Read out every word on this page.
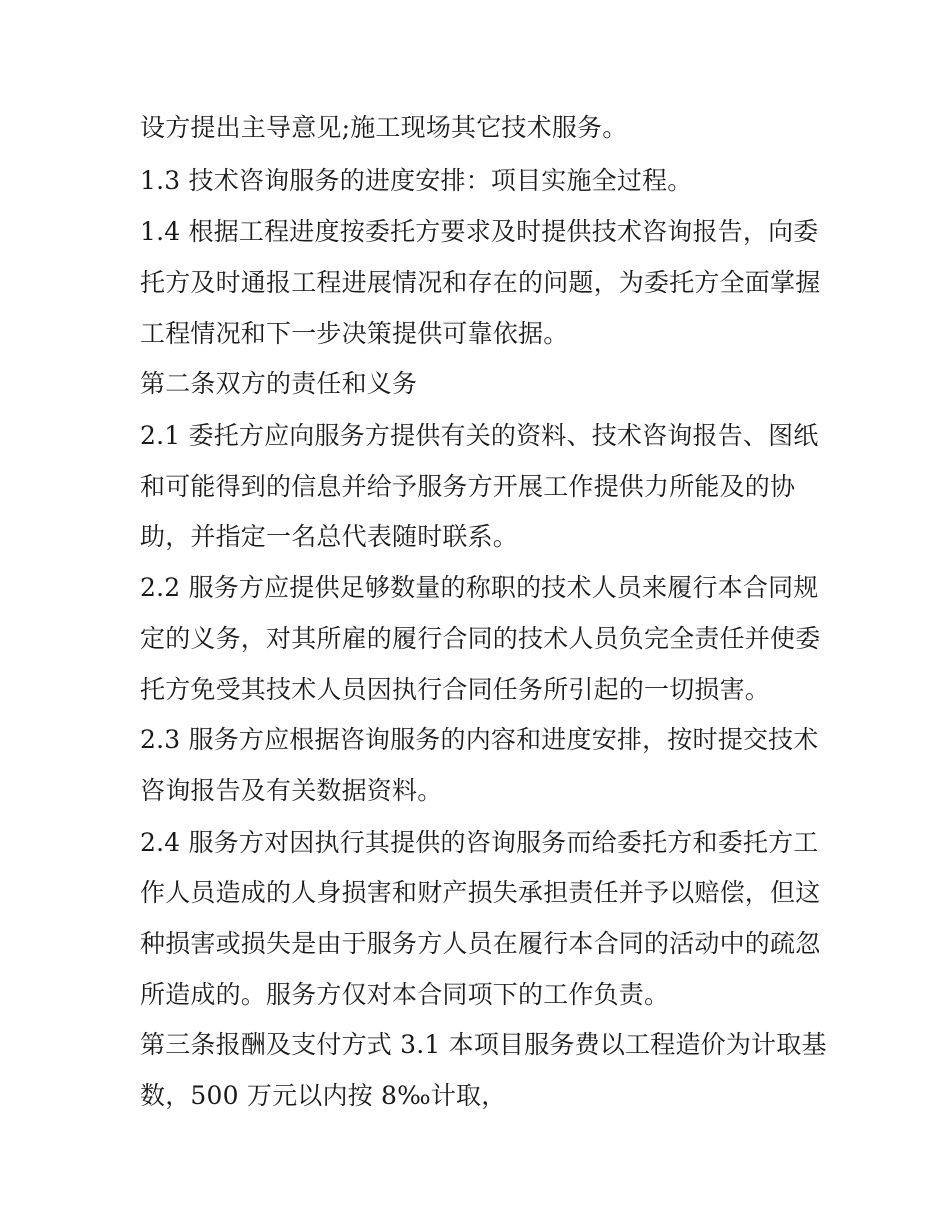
设方提出主导意见;施工现场其它技术服务。
1.3 技术咨询服务的进度安排：项目实施全过程。
1.4 根据工程进度按委托方要求及时提供技术咨询报告，向委
托方及时通报工程进展情况和存在的问题，为委托方全面掌握
工程情况和下一步决策提供可靠依据。
第二条双方的责任和义务
2.1 委托方应向服务方提供有关的资料、技术咨询报告、图纸
和可能得到的信息并给予服务方开展工作提供力所能及的协
助，并指定一名总代表随时联系。
2.2 服务方应提供足够数量的称职的技术人员来履行本合同规
定的义务，对其所雇的履行合同的技术人员负完全责任并使委
托方免受其技术人员因执行合同任务所引起的一切损害。
2.3 服务方应根据咨询服务的内容和进度安排，按时提交技术
咨询报告及有关数据资料。
2.4 服务方对因执行其提供的咨询服务而给委托方和委托方工
作人员造成的人身损害和财产损失承担责任并予以赔偿，但这
种损害或损失是由于服务方人员在履行本合同的活动中的疏忽
所造成的。服务方仅对本合同项下的工作负责。
第三条报酬及支付方式 3.1 本项目服务费以工程造价为计取基
数，500 万元以内按 8‰计取，
